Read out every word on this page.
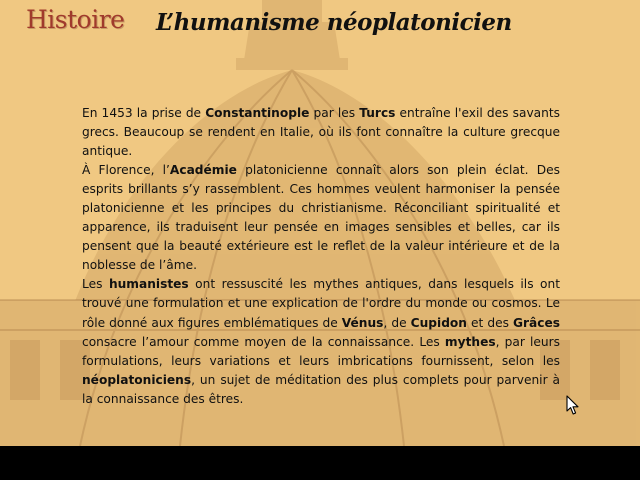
Histoire L’humanisme néoplatonicien

En 1453 la prise de Constantinople par les Turcs entraîne l'exil des savants grecs. Beaucoup se rendent en Italie, où ils font connaître la culture grecque antique.

À Florence, l’Académie platonicienne connaît alors son plein éclat. Des esprits brillants s’y rassemblent. Ces hommes veulent harmoniser la pensée platonicienne et les principes du christianisme. Réconciliant spiritualité et apparence, ils traduisent leur pensée en images sensibles et belles, car ils pensent que la beauté extérieure est le reflet de la valeur intérieure et de la noblesse de l’âme.

Les humanistes ont ressuscité les mythes antiques, dans lesquels ils ont trouvé une formulation et une explication de l'ordre du monde ou cosmos. Le rôle donné aux figures emblématiques de Vénus, de Cupidon et des Grâces consacre l’amour comme moyen de la connaissance. Les mythes, par leurs formulations, leurs variations et leurs imbrications fournissent, selon les néoplatoniciens, un sujet de méditation des plus complets pour parvenir à la connaissance des êtres.
